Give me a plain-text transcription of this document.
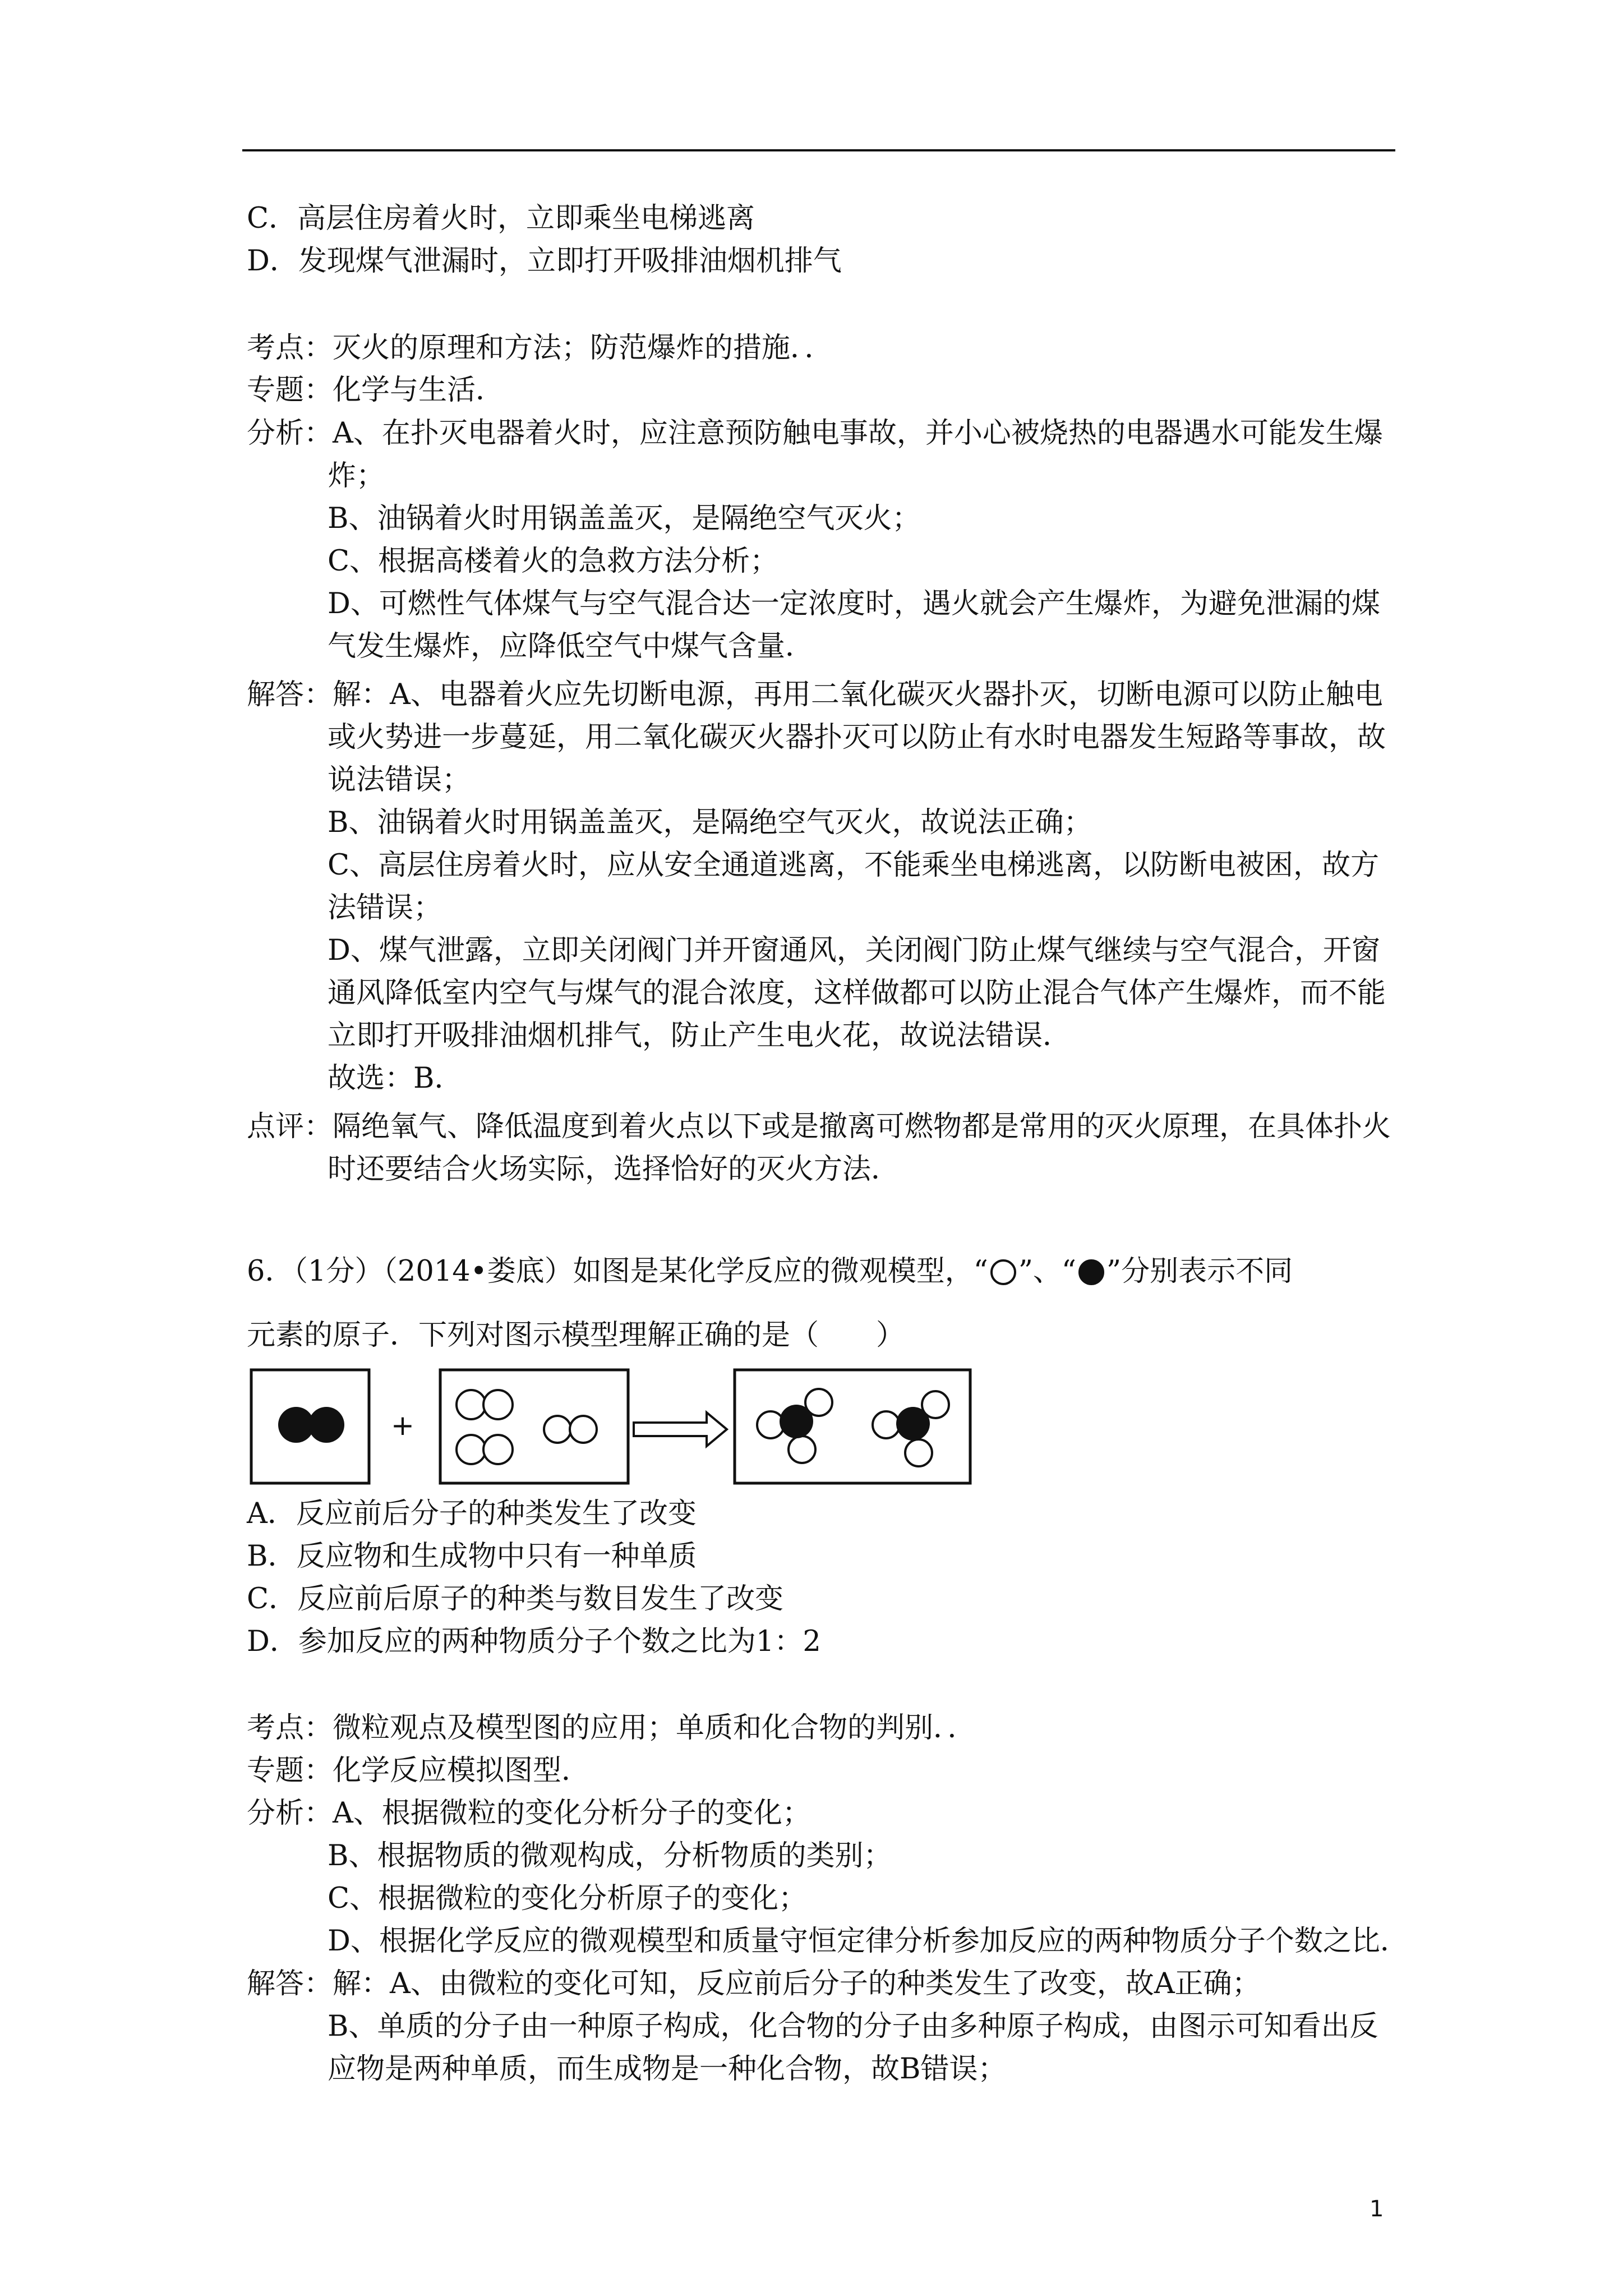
C．高层住房着火时，立即乘坐电梯逃离
D．发现煤气泄漏时，立即打开吸排油烟机排气
考点：灭火的原理和方法；防范爆炸的措施．．
专题：化学与生活．
分析：A、在扑灭电器着火时，应注意预防触电事故，并小心被烧热的电器遇水可能发生爆
炸；
B、油锅着火时用锅盖盖灭，是隔绝空气灭火；
C、根据高楼着火的急救方法分析；
D、可燃性气体煤气与空气混合达一定浓度时，遇火就会产生爆炸，为避免泄漏的煤
气发生爆炸，应降低空气中煤气含量．
解答：解：A、电器着火应先切断电源，再用二氧化碳灭火器扑灭，切断电源可以防止触电
或火势进一步蔓延，用二氧化碳灭火器扑灭可以防止有水时电器发生短路等事故，故
说法错误；
B、油锅着火时用锅盖盖灭，是隔绝空气灭火，故说法正确；
C、高层住房着火时，应从安全通道逃离，不能乘坐电梯逃离，以防断电被困，故方
法错误；
D、煤气泄露，立即关闭阀门并开窗通风，关闭阀门防止煤气继续与空气混合，开窗
通风降低室内空气与煤气的混合浓度，这样做都可以防止混合气体产生爆炸，而不能
立即打开吸排油烟机排气，防止产生电火花，故说法错误．
故选：B．
点评：隔绝氧气、降低温度到着火点以下或是撤离可燃物都是常用的灭火原理，在具体扑火
时还要结合火场实际，选择恰好的灭火方法．
6．（1分）（2014•娄底）如图是某化学反应的微观模型，“ ”、“ ”分别表示不同
元素的原子．下列对图示模型理解正确的是（　　）
+
A．反应前后分子的种类发生了改变
B．反应物和生成物中只有一种单质
C．反应前后原子的种类与数目发生了改变
D．参加反应的两种物质分子个数之比为1：2
考点：微粒观点及模型图的应用；单质和化合物的判别．．
专题：化学反应模拟图型．
分析：A、根据微粒的变化分析分子的变化；
B、根据物质的微观构成，分析物质的类别；
C、根据微粒的变化分析原子的变化；
D、根据化学反应的微观模型和质量守恒定律分析参加反应的两种物质分子个数之比．
解答：解：A、由微粒的变化可知，反应前后分子的种类发生了改变，故A正确；
B、单质的分子由一种原子构成，化合物的分子由多种原子构成，由图示可知看出反
应物是两种单质，而生成物是一种化合物，故B错误；
1
